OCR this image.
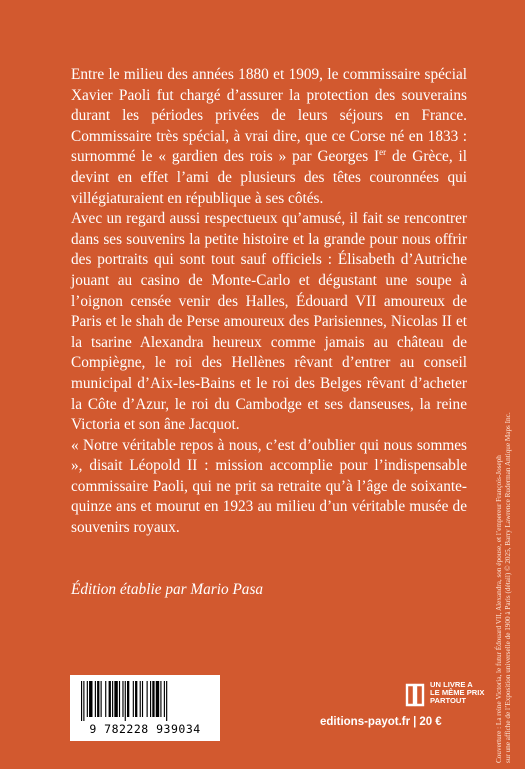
Entre le milieu des années 1880 et 1909, le commissaire spécial Xavier Paoli fut chargé d’assurer la protection des souverains durant les périodes privées de leurs séjours en France. Commissaire très spécial, à vrai dire, que ce Corse né en 1833 : surnommé le « gardien des rois » par Georges Ier de Grèce, il devint en effet l’ami de plusieurs des têtes couronnées qui villégiaturaient en république à ses côtés.

Avec un regard aussi respectueux qu’amusé, il fait se rencontrer dans ses souvenirs la petite histoire et la grande pour nous offrir des portraits qui sont tout sauf officiels : Élisabeth d’Autriche jouant au casino de Monte-Carlo et dégustant une soupe à l’oignon censée venir des Halles, Édouard VII amoureux de Paris et le shah de Perse amoureux des Parisiennes, Nicolas II et la tsarine Alexandra heureux comme jamais au château de Compiègne, le roi des Hellènes rêvant d’entrer au conseil municipal d’Aix-les-Bains et le roi des Belges rêvant d’acheter la Côte d’Azur, le roi du Cambodge et ses danseuses, la reine Victoria et son âne Jacquot.

« Notre véritable repos à nous, c’est d’oublier qui nous sommes », disait Léopold II : mission accomplie pour l’indispensable commissaire Paoli, qui ne prit sa retraite qu’à l’âge de soixante-quinze ans et mourut en 1923 au milieu d’un véritable musée de souvenirs royaux.

Édition établie par Mario Pasa
9 782228 939034
UN LIVRE A
LE MÊME PRIX
PARTOUT
editions-payot.fr | 20 €	Couverture : La reine Victoria, le futur Édouard VII, Alexandra, son épouse, et l’empereur François-Joseph sur une affiche de l’Exposition universelle de 1900 à Paris (détail) © 2025, Barry Lawrence Ruderman Antique Maps Inc.
